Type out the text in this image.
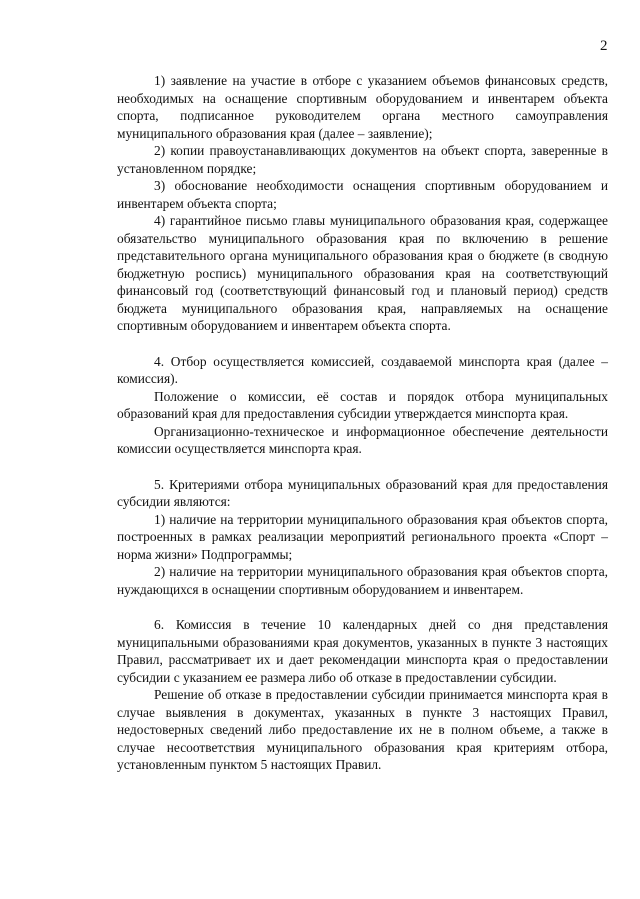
2

1) заявление на участие в отборе с указанием объемов финансовых средств, необходимых на оснащение спортивным оборудованием и инвентарем объекта спорта, подписанное руководителем органа местного самоуправления муниципального образования края (далее – заявление);

2) копии правоустанавливающих документов на объект спорта, заверенные в установленном порядке;

3) обоснование необходимости оснащения спортивным оборудованием и инвентарем объекта спорта;

4) гарантийное письмо главы муниципального образования края, содержащее обязательство муниципального образования края по включению в решение представительного органа муниципального образования края о бюджете (в сводную бюджетную роспись) муниципального образования края на соответствующий финансовый год (соответствующий финансовый год и плановый период) средств бюджета муниципального образования края, направляемых на оснащение спортивным оборудованием и инвентарем объекта спорта.

4. Отбор осуществляется комиссией, создаваемой минспорта края (далее – комиссия).

Положение о комиссии, её состав и порядок отбора муниципальных образований края для предоставления субсидии утверждается минспорта края.

Организационно-техническое и информационное обеспечение деятельности комиссии осуществляется минспорта края.

5. Критериями отбора муниципальных образований края для предоставления субсидии являются:

1) наличие на территории муниципального образования края объектов спорта, построенных в рамках реализации мероприятий регионального проекта «Спорт – норма жизни» Подпрограммы;

2) наличие на территории муниципального образования края объектов спорта, нуждающихся в оснащении спортивным оборудованием и инвентарем.

6. Комиссия в течение 10 календарных дней со дня представления муниципальными образованиями края документов, указанных в пункте 3 настоящих Правил, рассматривает их и дает рекомендации минспорта края о предоставлении субсидии с указанием ее размера либо об отказе в предоставлении субсидии.

Решение об отказе в предоставлении субсидии принимается минспорта края в случае выявления в документах, указанных в пункте 3 настоящих Правил, недостоверных сведений либо предоставление их не в полном объеме, а также в случае несоответствия муниципального образования края критериям отбора, установленным пунктом 5 настоящих Правил.
